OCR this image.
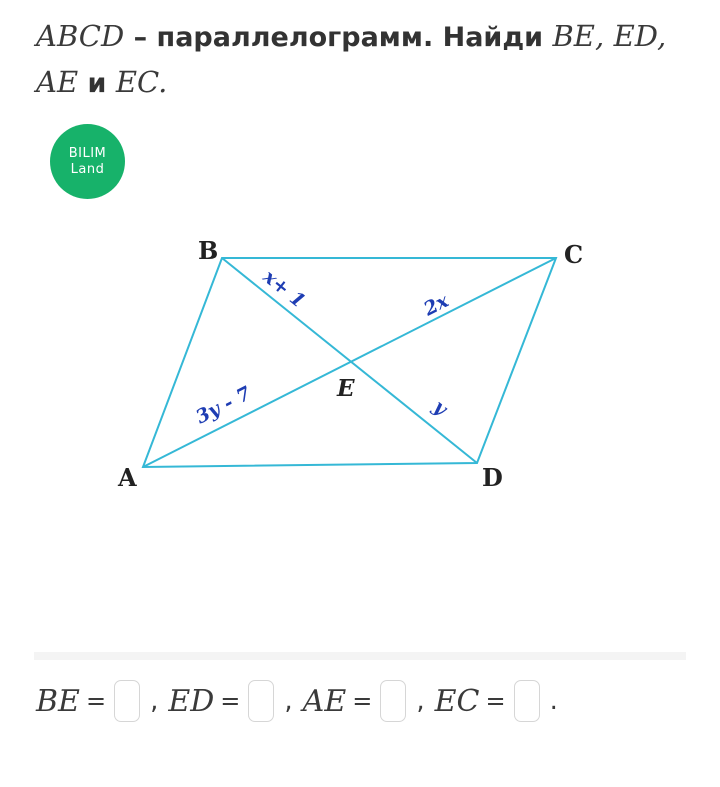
ABCD – параллелограмм. Найди BE, ED,
AE и EC.
BILIM
Land
B	C
A	D
E
x+ 1	2x
3y - 7	y
BE = , ED = , AE = , EC = .
